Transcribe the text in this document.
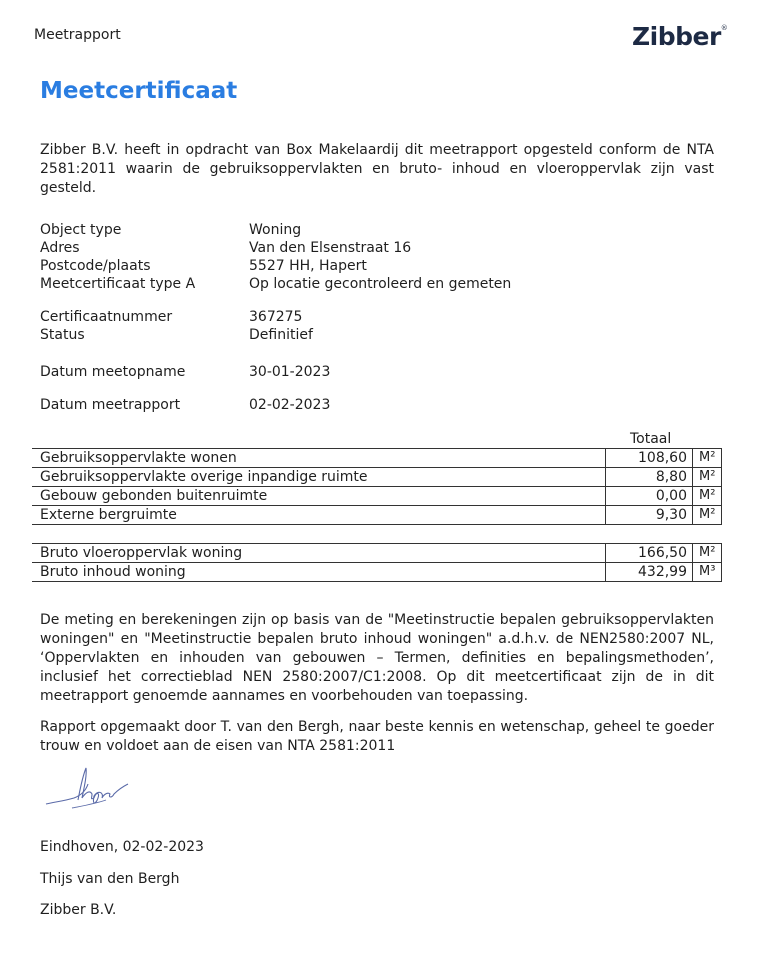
Meetrapport	Zibber®
Meetcertificaat
Zibber B.V. heeft in opdracht van Box Makelaardij dit meetrapport opgesteld conform de NTA 2581:2011 waarin de gebruiksoppervlakten en bruto- inhoud en vloeroppervlak zijn vast gesteld.
Object type	Woning
Adres	Van den Elsenstraat 16
Postcode/plaats	5527 HH, Hapert
Meetcertificaat type A	Op locatie gecontroleerd en gemeten
Certificaatnummer	367275
Status	Definitief
Datum meetopname	30-01-2023
Datum meetrapport	02-02-2023
Totaal
Gebruiksoppervlakte wonen	108,60	M²
Gebruiksoppervlakte overige inpandige ruimte	8,80	M²
Gebouw gebonden buitenruimte	0,00	M²
Externe bergruimte	9,30	M²
Bruto vloeroppervlak woning	166,50	M²
Bruto inhoud woning	432,99	M³
De meting en berekeningen zijn op basis van de "Meetinstructie bepalen gebruiksoppervlakten woningen" en "Meetinstructie bepalen bruto inhoud woningen" a.d.h.v. de NEN2580:2007 NL, ‘Oppervlakten en inhouden van gebouwen – Termen, definities en bepalingsmethoden’, inclusief het correctieblad NEN 2580:2007/C1:2008. Op dit meetcertificaat zijn de in dit meetrapport genoemde aannames en voorbehouden van toepassing.
Rapport opgemaakt door T. van den Bergh, naar beste kennis en wetenschap, geheel te goeder trouw en voldoet aan de eisen van NTA 2581:2011
Eindhoven, 02-02-2023
Thijs van den Bergh
Zibber B.V.
